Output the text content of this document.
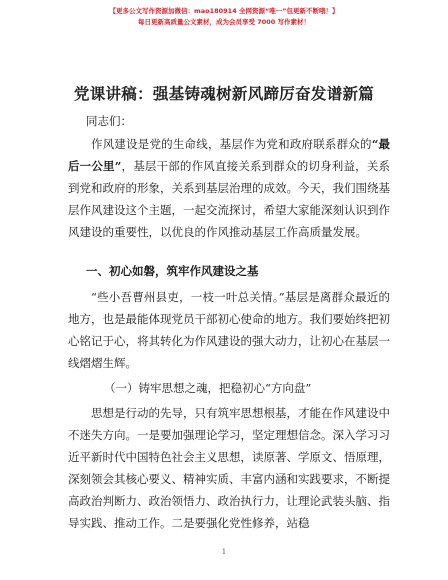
【更多公文写作资源加微信：mao180914 全网资源“唯一”包更新不断哦！】
每日更新高质量公文素材，成为会员享受 7000 写作素材！
党课讲稿：强基铸魂树新风蹄厉奋发谱新篇
同志们：

作风建设是党的生命线，基层作为党和政府联系群众的“最后一公里”，基层干部的作风直接关系到群众的切身利益，关系到党和政府的形象，关系到基层治理的成效。今天，我们围绕基层作风建设这个主题，一起交流探讨，希望大家能深刻认识到作风建设的重要性，以优良的作风推动基层工作高质量发展。

一、初心如磐，筑牢作风建设之基

“些小吾曹州县吏，一枝一叶总关情。”基层是离群众最近的地方，也是最能体现党员干部初心使命的地方。我们要始终把初心铭记于心，将其转化为作风建设的强大动力，让初心在基层一线熠熠生辉。

（一）铸牢思想之魂，把稳初心“方向盘”

思想是行动的先导，只有筑牢思想根基，才能在作风建设中不迷失方向。一是要加强理论学习，坚定理想信念。深入学习习近平新时代中国特色社会主义思想，读原著、学原文、悟原理，深刻领会其核心要义、精神实质、丰富内涵和实践要求，不断提高政治判断力、政治领悟力、政治执行力，让理论武装头脑、指导实践、推动工作。二是要强化党性修养，站稳

1
